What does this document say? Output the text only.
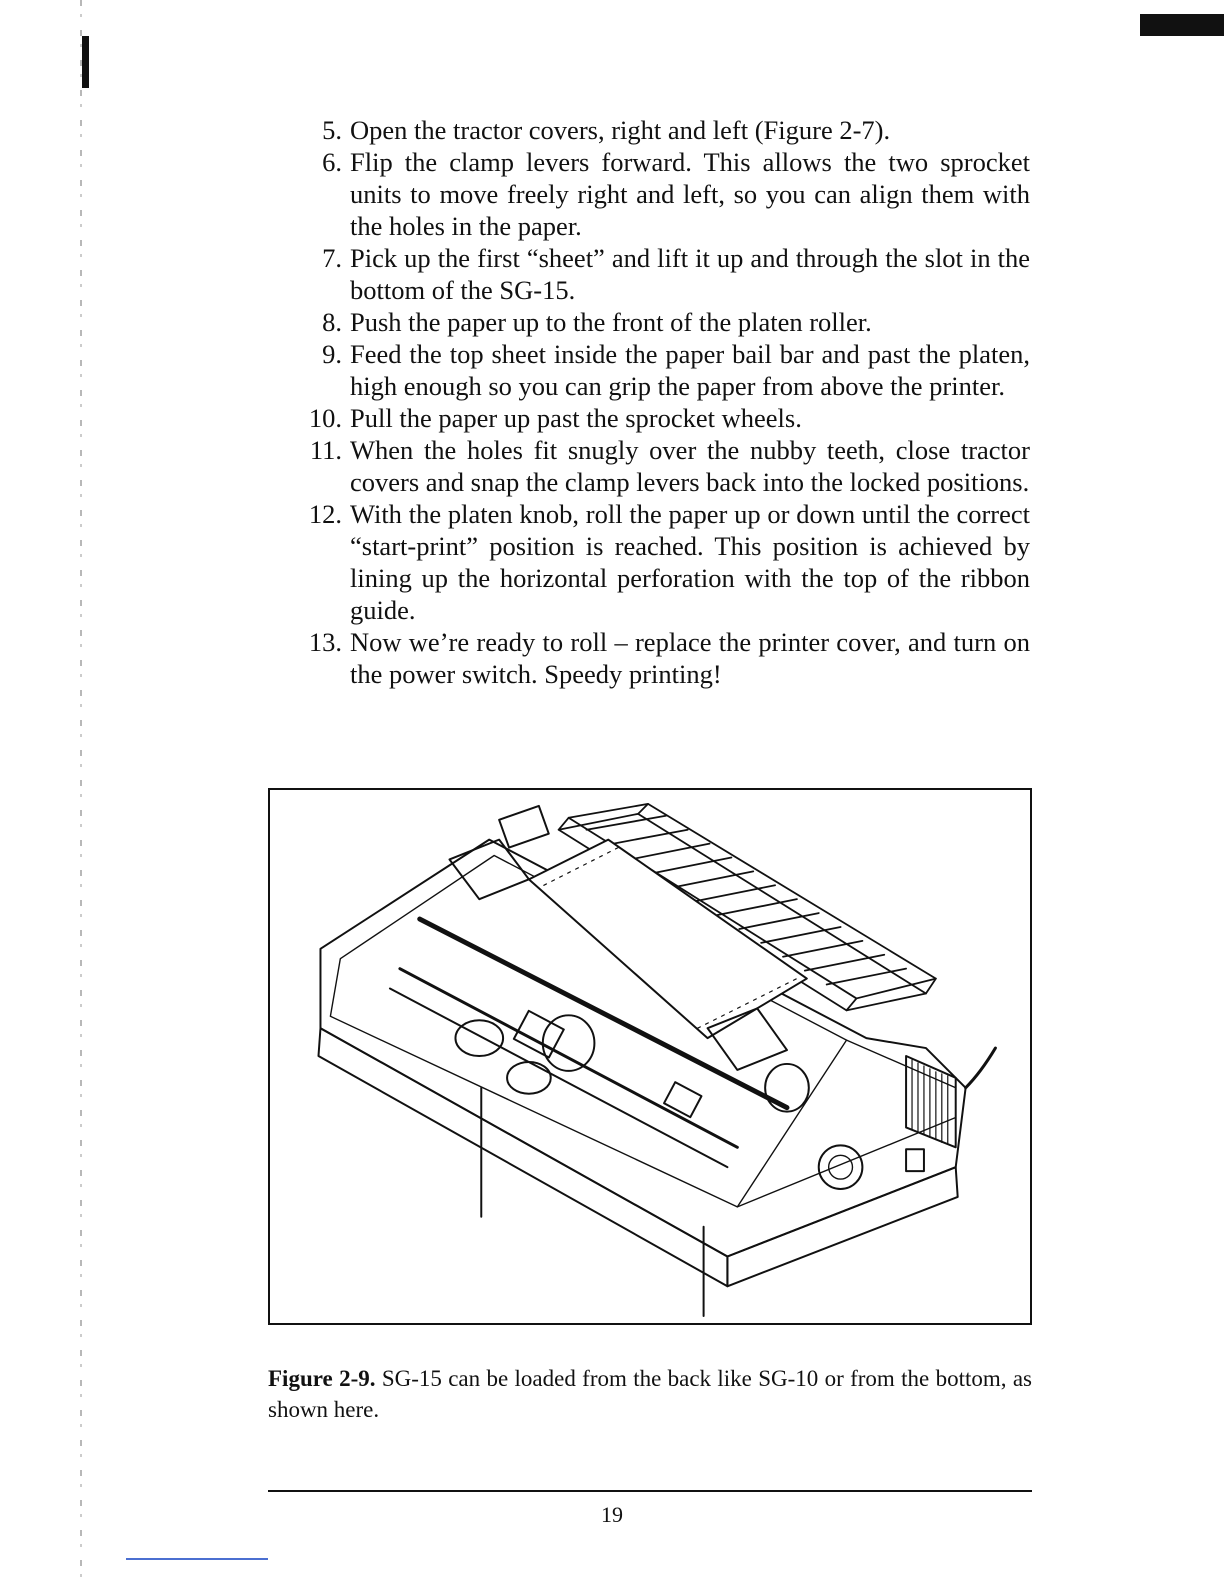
5. Open the tractor covers, right and left (Figure 2-7).
6. Flip the clamp levers forward. This allows the two sprocket units to move freely right and left, so you can align them with the holes in the paper.
7. Pick up the first “sheet” and lift it up and through the slot in the bottom of the SG-15.
8. Push the paper up to the front of the platen roller.
9. Feed the top sheet inside the paper bail bar and past the platen, high enough so you can grip the paper from above the printer.
10. Pull the paper up past the sprocket wheels.
11. When the holes fit snugly over the nubby teeth, close tractor covers and snap the clamp levers back into the locked positions.
12. With the platen knob, roll the paper up or down until the correct “start-print” position is reached. This position is achieved by lining up the horizontal perforation with the top of the ribbon guide.
13. Now we’re ready to roll – replace the printer cover, and turn on the power switch. Speedy printing!

Figure 2-9. SG-15 can be loaded from the back like SG-10 or from the bottom, as shown here.

19
